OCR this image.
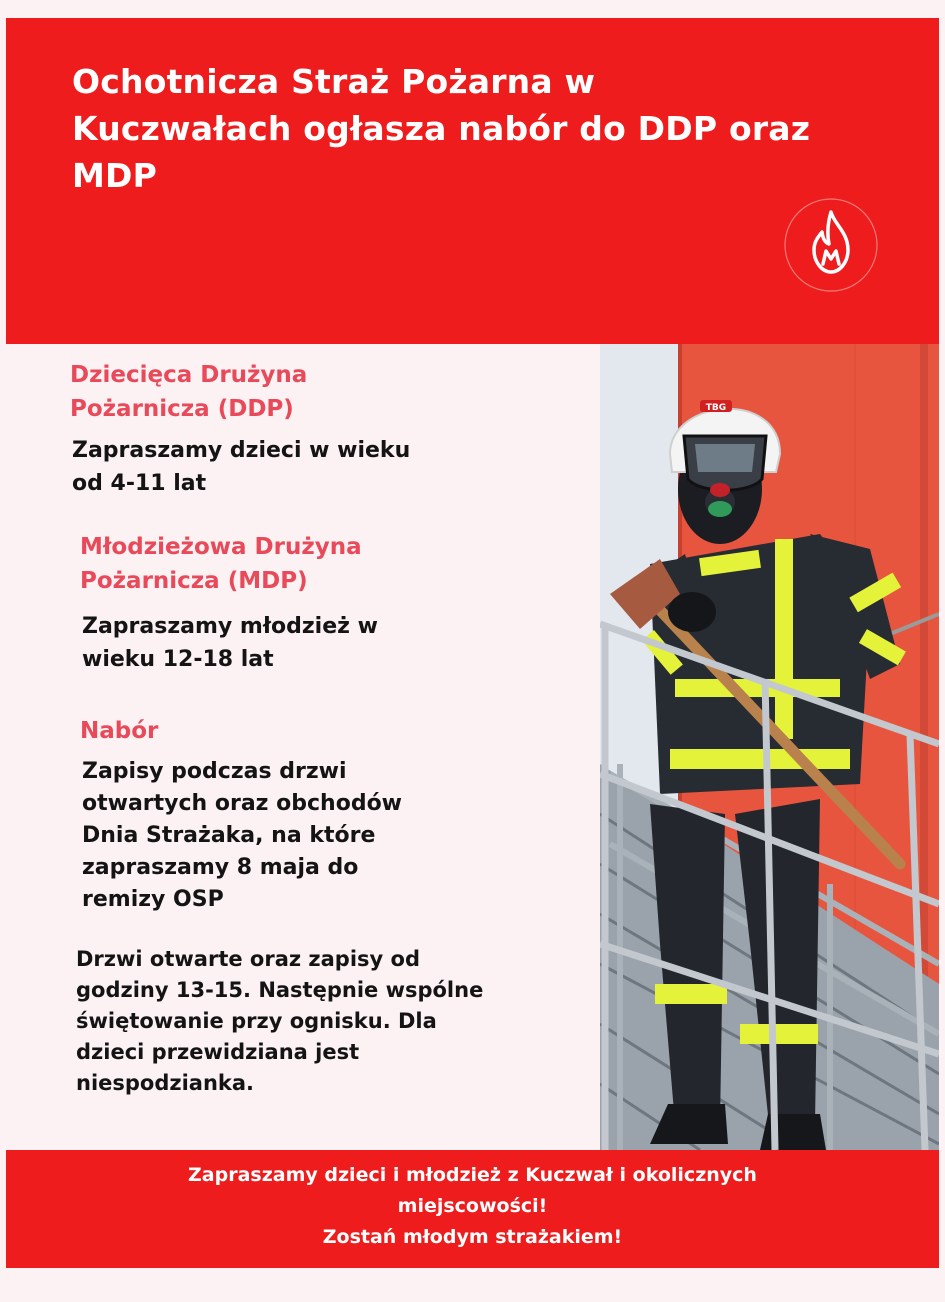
Ochotnicza Straż Pożarna w Kuczwałach ogłasza nabór do DDP oraz MDP
Dziecięca Drużyna
Pożarnicza (DDP)
Zapraszamy dzieci w wieku
od 4-11 lat
Młodzieżowa Drużyna
Pożarnicza (MDP)
Zapraszamy młodzież w
wieku 12-18 lat
Nabór
Zapisy podczas drzwi
otwartych oraz obchodów
Dnia Strażaka, na które
zapraszamy 8 maja do
remizy OSP
Drzwi otwarte oraz zapisy od
godziny 13-15. Następnie wspólne
świętowanie przy ognisku. Dla
dzieci przewidziana jest
niespodzianka.
TBG
Zapraszamy dzieci i młodzież z Kuczwał i okolicznych
miejscowości!
Zostań młodym strażakiem!
